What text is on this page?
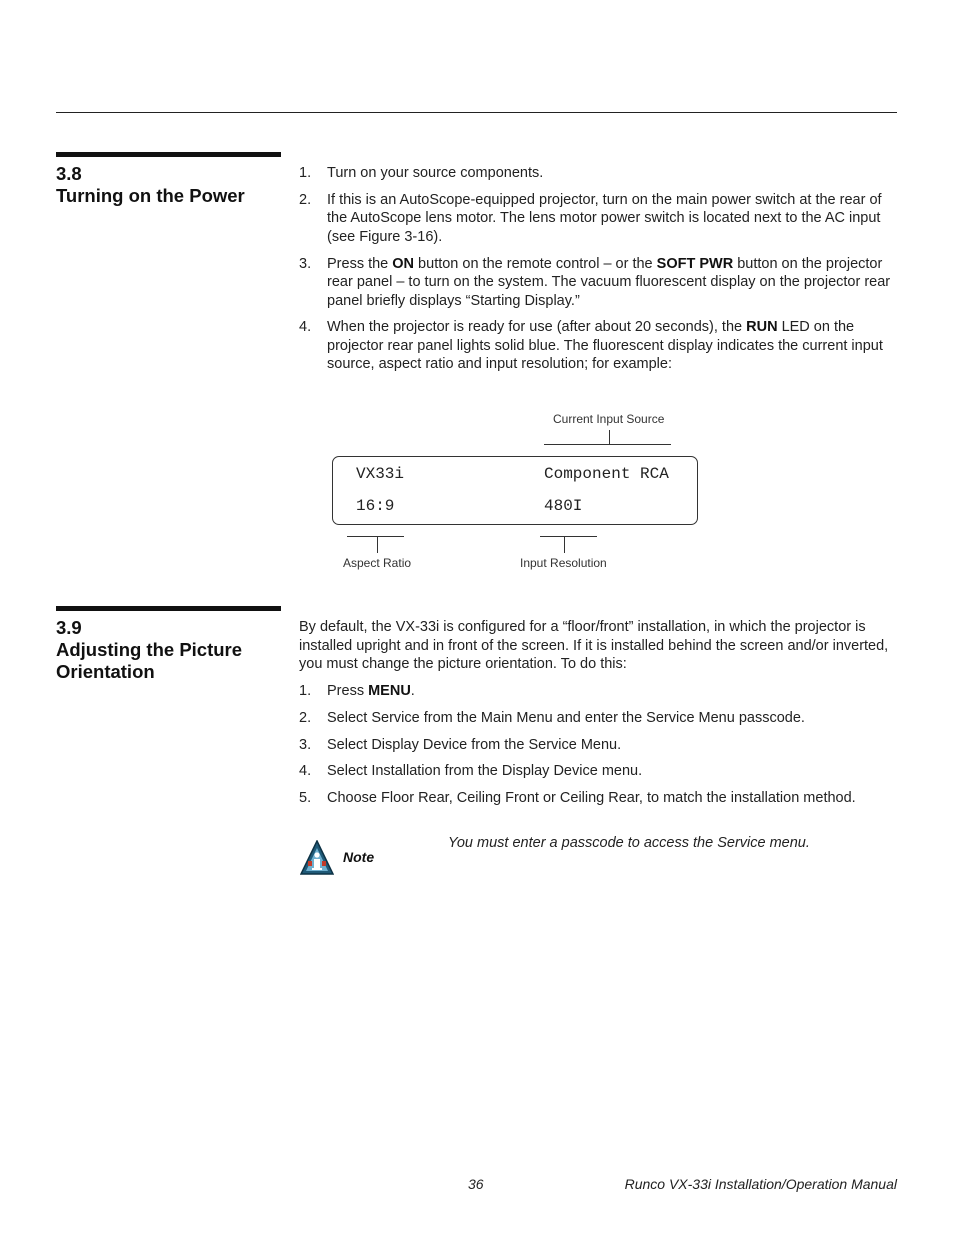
3.8
Turning on the Power
1. Turn on your source components.
2. If this is an AutoScope-equipped projector, turn on the main power switch at the rear of the AutoScope lens motor. The lens motor power switch is located next to the AC input (see Figure 3-16).
3. Press the ON button on the remote control – or the SOFT PWR button on the projector rear panel – to turn on the system. The vacuum fluorescent display on the projector rear panel briefly displays “Starting Display.”
4. When the projector is ready for use (after about 20 seconds), the RUN LED on the projector rear panel lights solid blue. The fluorescent display indicates the current input source, aspect ratio and input resolution; for example:
Current Input Source
VX33i	Component RCA
16:9	480I
Aspect Ratio	Input Resolution
3.9
Adjusting the Picture
Orientation

By default, the VX-33i is configured for a “floor/front” installation, in which the projector is installed upright and in front of the screen. If it is installed behind the screen and/or inverted, you must change the picture orientation. To do this:

1. Press MENU.
2. Select Service from the Main Menu and enter the Service Menu passcode.
3. Select Display Device from the Service Menu.
4. Select Installation from the Display Device menu.
5. Choose Floor Rear, Ceiling Front or Ceiling Rear, to match the installation method.
Note
You must enter a passcode to access the Service menu.
36	Runco VX-33i Installation/Operation Manual
